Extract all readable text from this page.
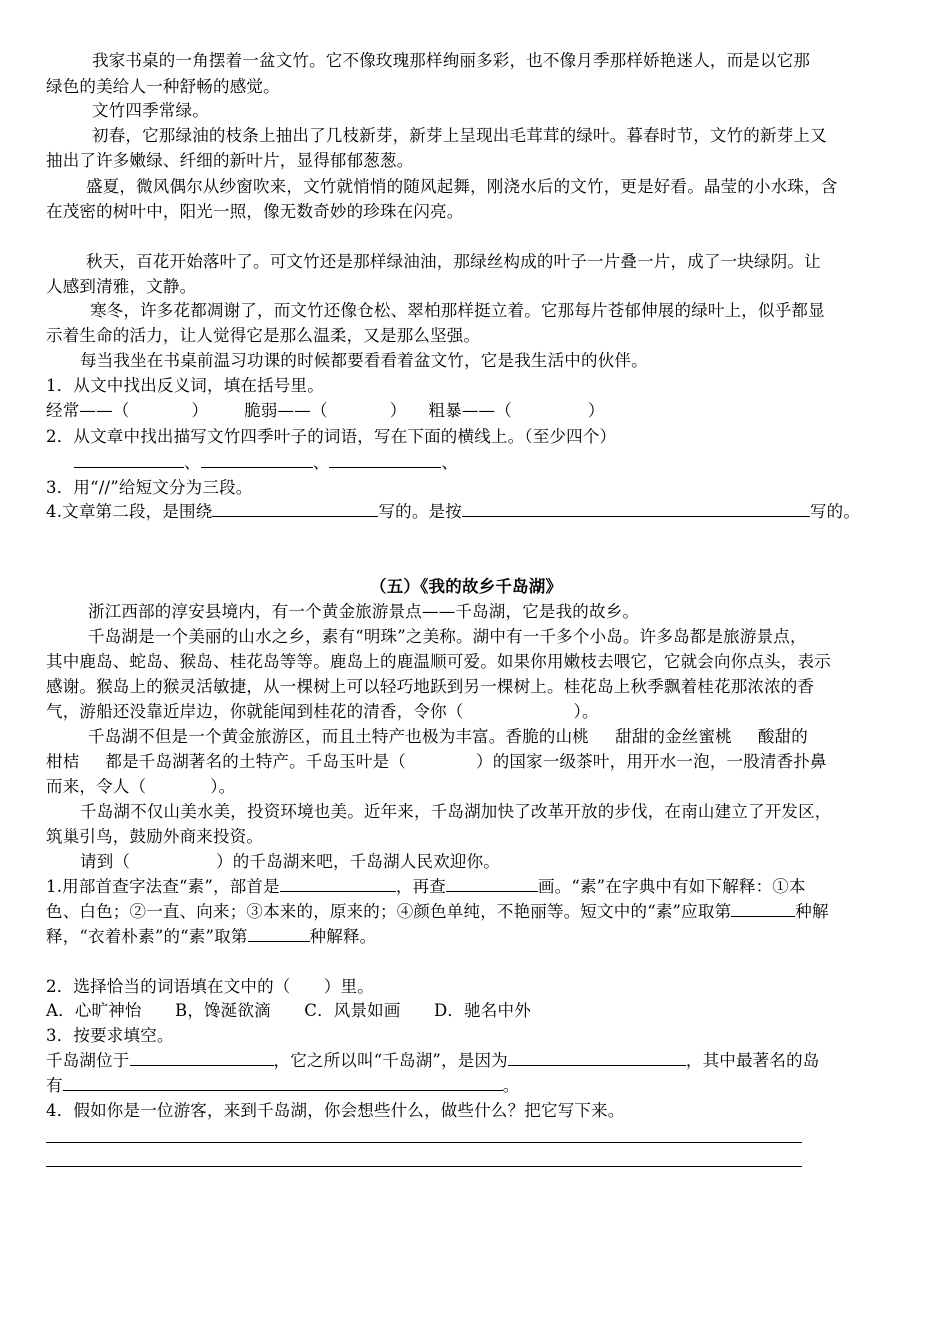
我家书桌的一角摆着一盆文竹。它不像玫瑰那样绚丽多彩，也不像月季那样娇艳迷人，而是以它那
绿色的美给人一种舒畅的感觉。
文竹四季常绿。
初春，它那绿油的枝条上抽出了几枝新芽，新芽上呈现出毛茸茸的绿叶。暮春时节，文竹的新芽上又
抽出了许多嫩绿、纤细的新叶片，显得郁郁葱葱。
盛夏，微风偶尔从纱窗吹来，文竹就悄悄的随风起舞，刚浇水后的文竹，更是好看。晶莹的小水珠，含
在茂密的树叶中，阳光一照，像无数奇妙的珍珠在闪亮。
秋天，百花开始落叶了。可文竹还是那样绿油油，那绿丝构成的叶子一片叠一片，成了一块绿阴。让
人感到清雅，文静。
寒冬，许多花都凋谢了，而文竹还像仓松、翠柏那样挺立着。它那每片苍郁伸展的绿叶上，似乎都显
示着生命的活力，让人觉得它是那么温柔，又是那么坚强。
每当我坐在书桌前温习功课的时候都要看看着盆文竹，它是我生活中的伙伴。
1．从文中找出反义词，填在括号里。
经常——（	） 脆弱——（	） 粗暴——（	）
2．从文章中找出描写文竹四季叶子的词语，写在下面的横线上。（至少四个）
、	、	、
3．用“//”给短文分为三段。
4.文章第二段，是围绕	写的。是按	写的。
（五）《我的故乡千岛湖》
浙江西部的淳安县境内，有一个黄金旅游景点——千岛湖，它是我的故乡。
千岛湖是一个美丽的山水之乡，素有“明珠”之美称。湖中有一千多个小岛。许多岛都是旅游景点，
其中鹿岛、蛇岛、猴岛、桂花岛等等。鹿岛上的鹿温顺可爱。如果你用嫩枝去喂它，它就会向你点头，表示
感谢。猴岛上的猴灵活敏捷，从一棵树上可以轻巧地跃到另一棵树上。桂花岛上秋季飘着桂花那浓浓的香
气，游船还没靠近岸边，你就能闻到桂花的清香，令你（	）。
千岛湖不但是一个黄金旅游区，而且土特产也极为丰富。香脆的山桃 甜甜的金丝蜜桃 酸甜的
柑桔 都是千岛湖著名的土特产。千岛玉叶是（	）的国家一级茶叶，用开水一泡，一股清香扑鼻
而来，令人（	）。
千岛湖不仅山美水美，投资环境也美。近年来，千岛湖加快了改革开放的步伐，在南山建立了开发区，
筑巢引鸟，鼓励外商来投资。
请到（	）的千岛湖来吧，千岛湖人民欢迎你。
1.用部首查字法查“素”，部首是	，再查	画。“素”在字典中有如下解释：①本
色、白色；②一直、向来；③本来的，原来的；④颜色单纯，不艳丽等。短文中的“素”应取第	种解
释，“衣着朴素”的“素”取第	种解释。
2．选择恰当的词语填在文中的（　　）里。
A．心旷神怡　　B，馋涎欲滴　　C．风景如画　　D．驰名中外
3．按要求填空。
千岛湖位于	，它之所以叫“千岛湖”，是因为	，其中最著名的岛
有	。
4．假如你是一位游客，来到千岛湖，你会想些什么，做些什么？把它写下来。
